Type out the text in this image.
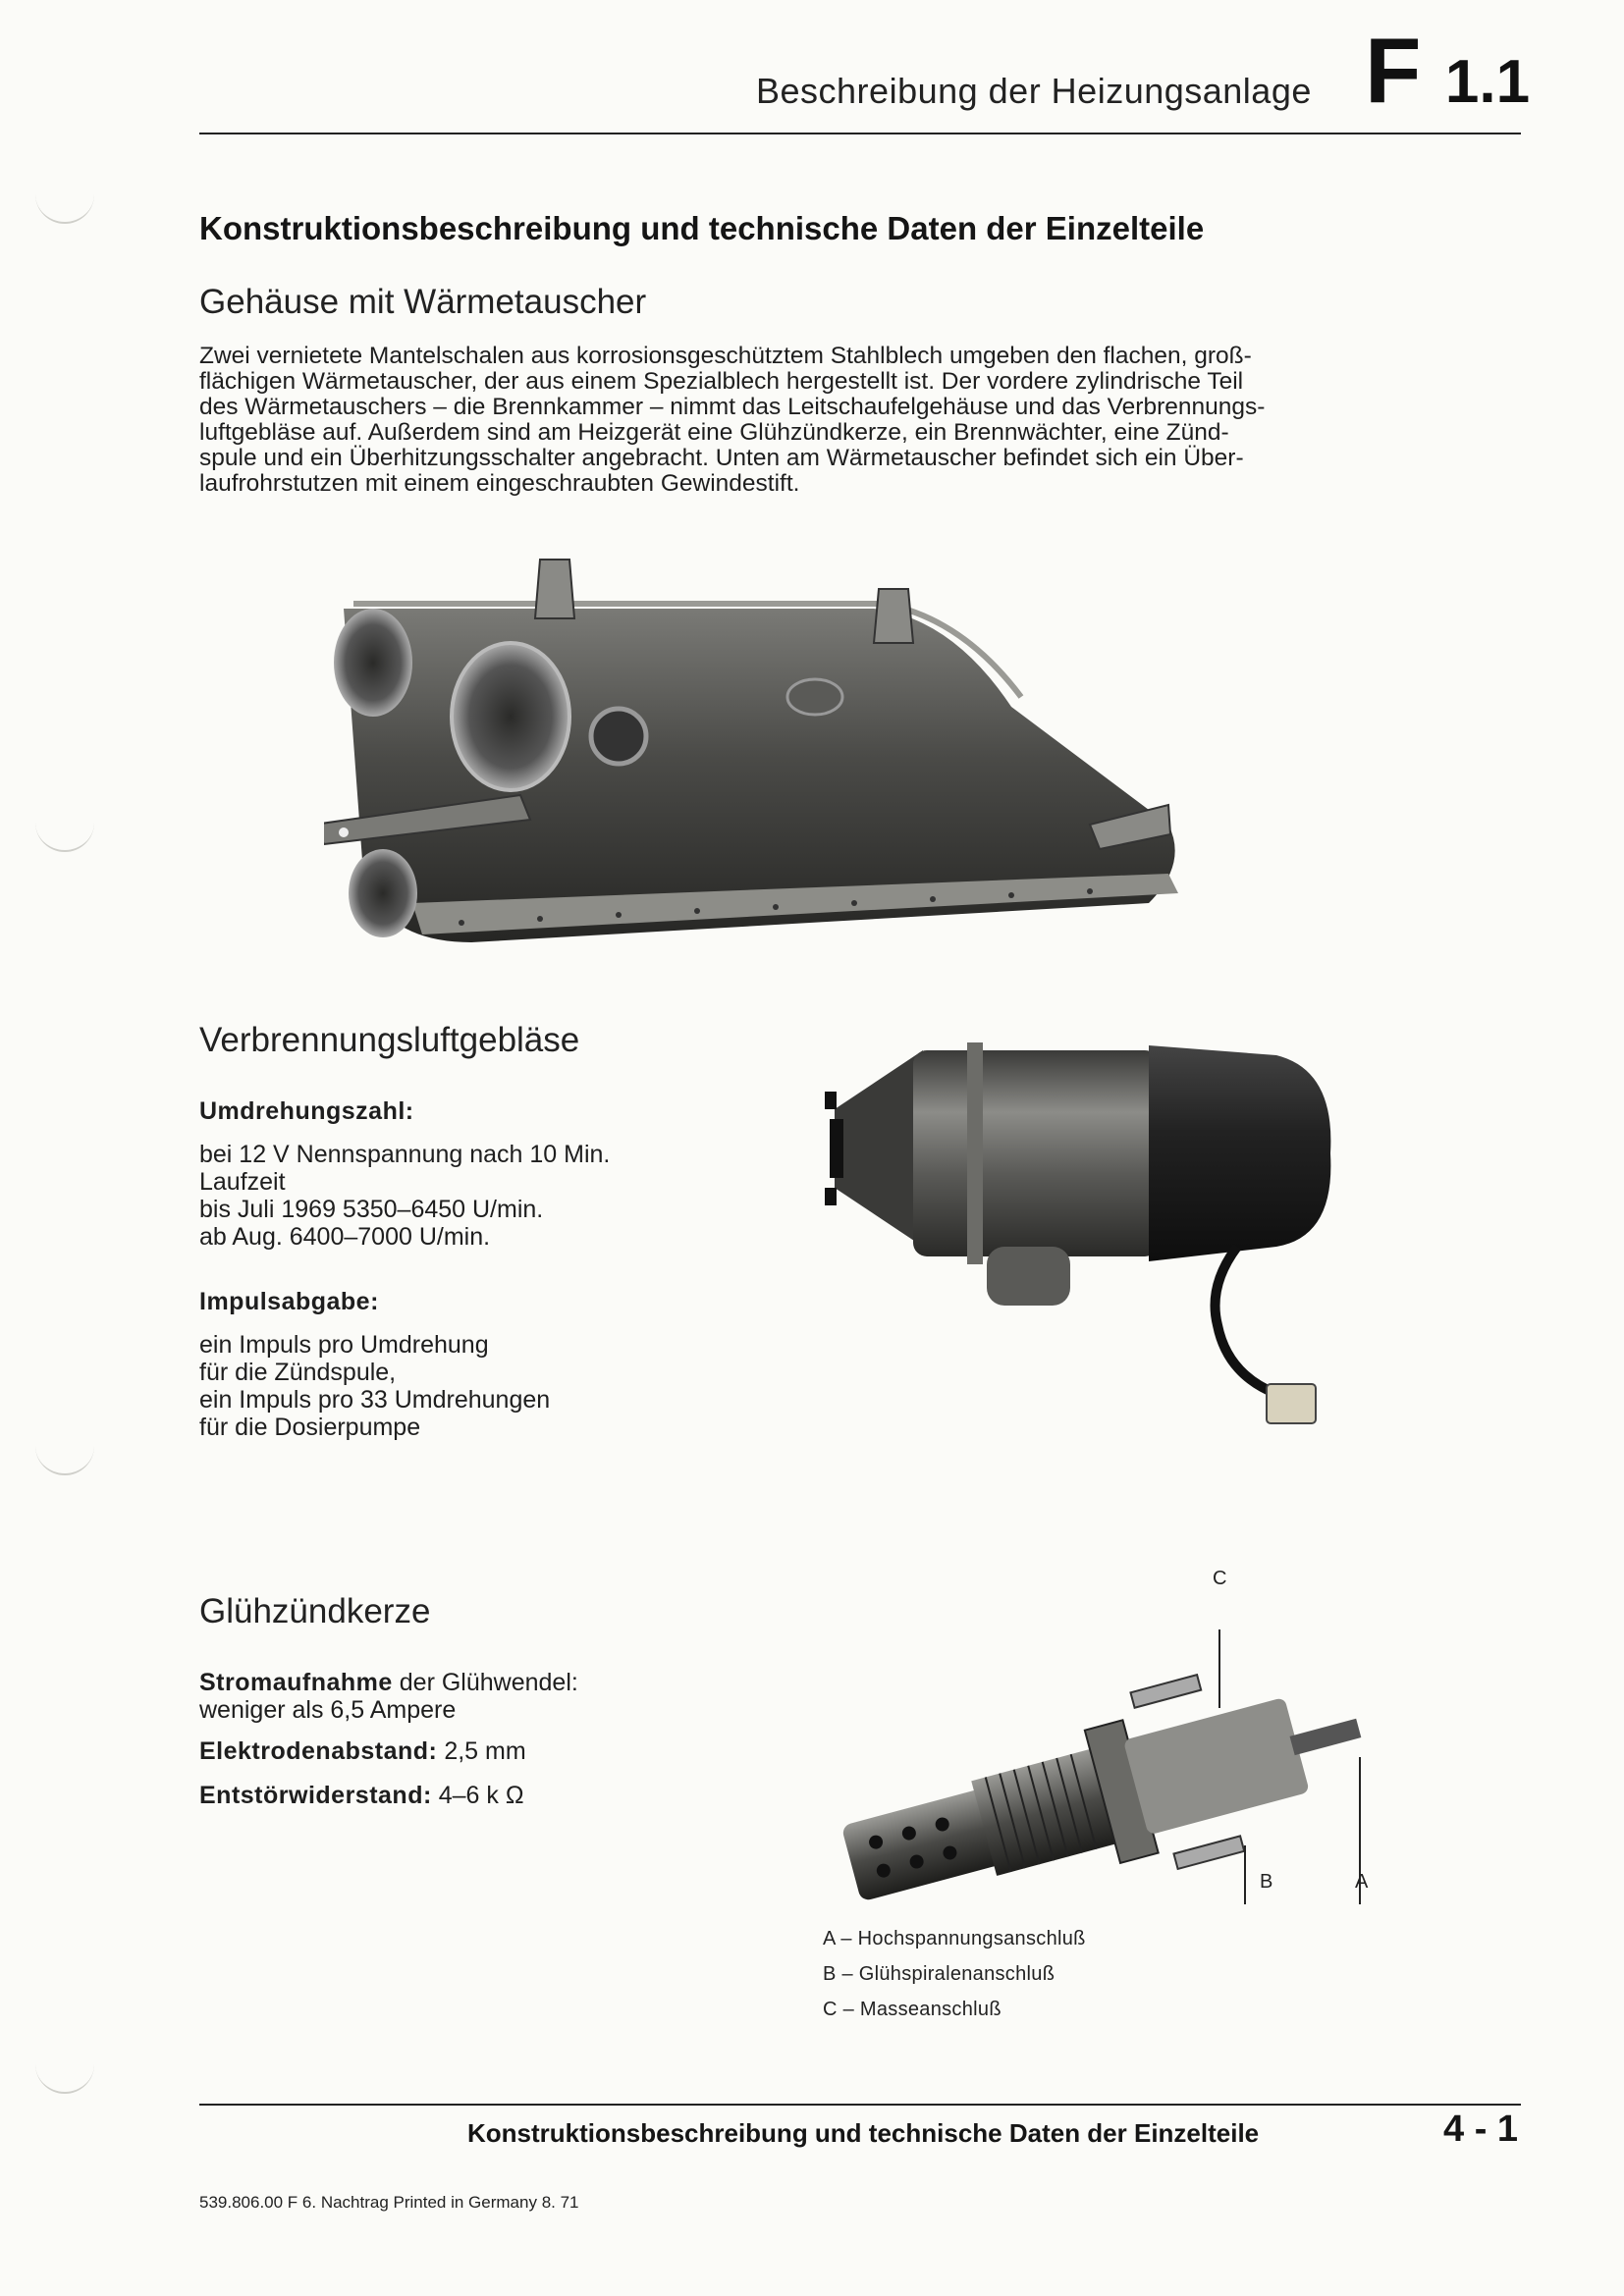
Beschreibung der Heizungsanlage F 1.1
Konstruktionsbeschreibung und technische Daten der Einzelteile
Gehäuse mit Wärmetauscher
Zwei vernietete Mantelschalen aus korrosionsgeschütztem Stahlblech umgeben den flachen, groß-
flächigen Wärmetauscher, der aus einem Spezialblech hergestellt ist. Der vordere zylindrische Teil
des Wärmetauschers – die Brennkammer – nimmt das Leitschaufelgehäuse und das Verbrennungs-
luftgebläse auf. Außerdem sind am Heizgerät eine Glühzündkerze, ein Brennwächter, eine Zünd-
spule und ein Überhitzungsschalter angebracht. Unten am Wärmetauscher befindet sich ein Über-
laufrohrstutzen mit einem eingeschraubten Gewindestift.
Verbrennungsluftgebläse
Umdrehungszahl:
bei 12 V Nennspannung nach 10 Min.
Laufzeit
bis Juli 1969 5350–6450 U/min.
ab Aug. 6400–7000 U/min.
Impulsabgabe:
ein Impuls pro Umdrehung
für die Zündspule,
ein Impuls pro 33 Umdrehungen
für die Dosierpumpe
Glühzündkerze
Stromaufnahme der Glühwendel:
weniger als 6,5 Ampere
Elektrodenabstand: 2,5 mm
Entstörwiderstand: 4–6 k Ω
C
B	A
A – Hochspannungsanschluß
B – Glühspiralenanschluß
C – Masseanschluß
Konstruktionsbeschreibung und technische Daten der Einzelteile	4 - 1
539.806.00 F 6. Nachtrag Printed in Germany 8. 71
